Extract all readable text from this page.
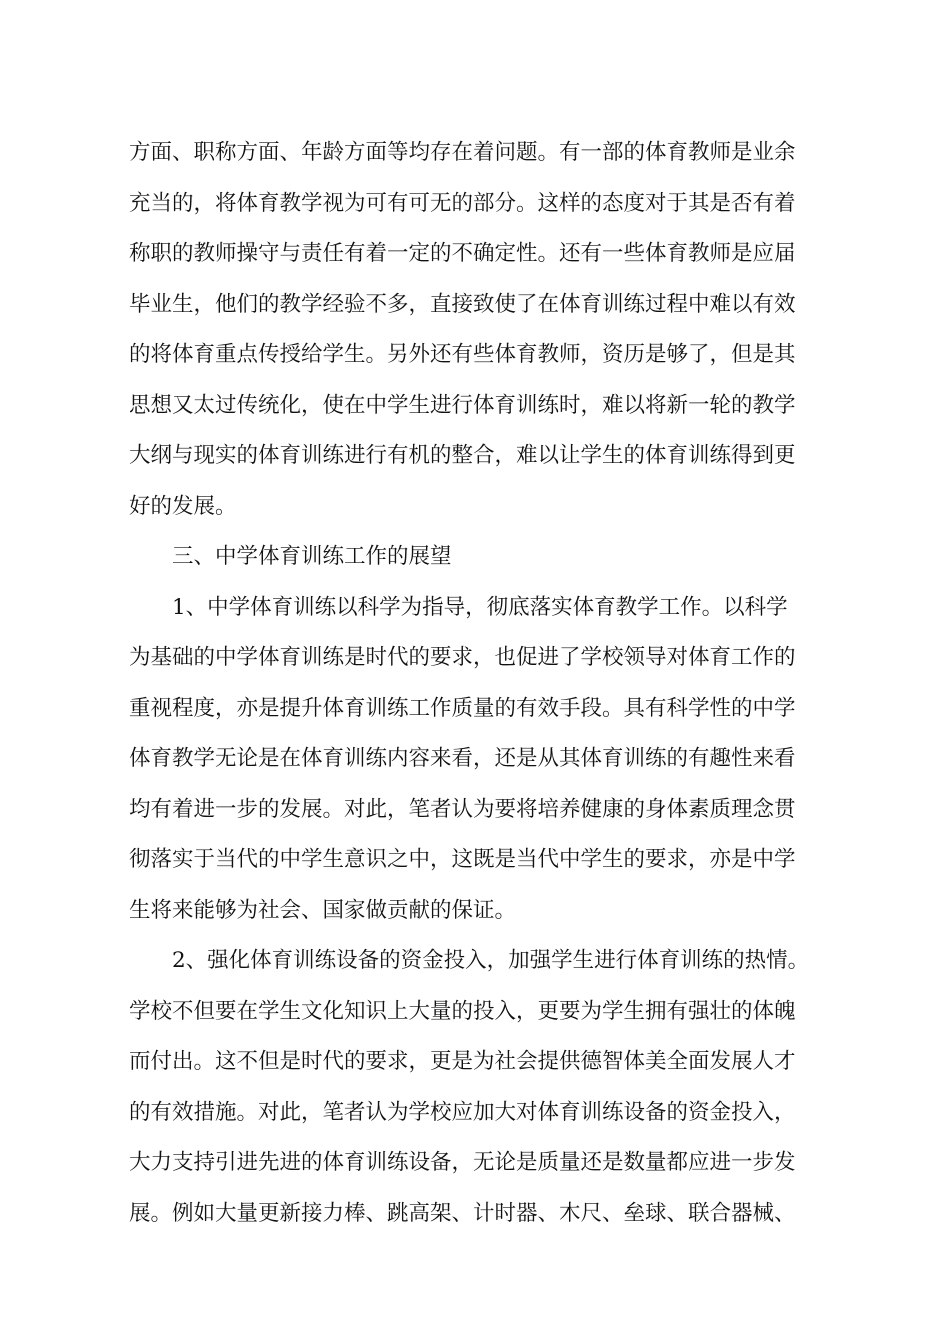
方面、职称方面、年龄方面等均存在着问题。有一部的体育教师是业余
充当的，将体育教学视为可有可无的部分。这样的态度对于其是否有着
称职的教师操守与责任有着一定的不确定性。还有一些体育教师是应届
毕业生，他们的教学经验不多，直接致使了在体育训练过程中难以有效
的将体育重点传授给学生。另外还有些体育教师，资历是够了，但是其
思想又太过传统化，使在中学生进行体育训练时，难以将新一轮的教学
大纲与现实的体育训练进行有机的整合，难以让学生的体育训练得到更
好的发展。

三、中学体育训练工作的展望

1、中学体育训练以科学为指导，彻底落实体育教学工作。以科学
为基础的中学体育训练是时代的要求，也促进了学校领导对体育工作的
重视程度，亦是提升体育训练工作质量的有效手段。具有科学性的中学
体育教学无论是在体育训练内容来看，还是从其体育训练的有趣性来看
均有着进一步的发展。对此，笔者认为要将培养健康的身体素质理念贯
彻落实于当代的中学生意识之中，这既是当代中学生的要求，亦是中学
生将来能够为社会、国家做贡献的保证。

2、强化体育训练设备的资金投入，加强学生进行体育训练的热情。
学校不但要在学生文化知识上大量的投入，更要为学生拥有强壮的体魄
而付出。这不但是时代的要求，更是为社会提供德智体美全面发展人才
的有效措施。对此，笔者认为学校应加大对体育训练设备的资金投入，
大力支持引进先进的体育训练设备，无论是质量还是数量都应进一步发
展。例如大量更新接力棒、跳高架、计时器、木尺、垒球、联合器械、
